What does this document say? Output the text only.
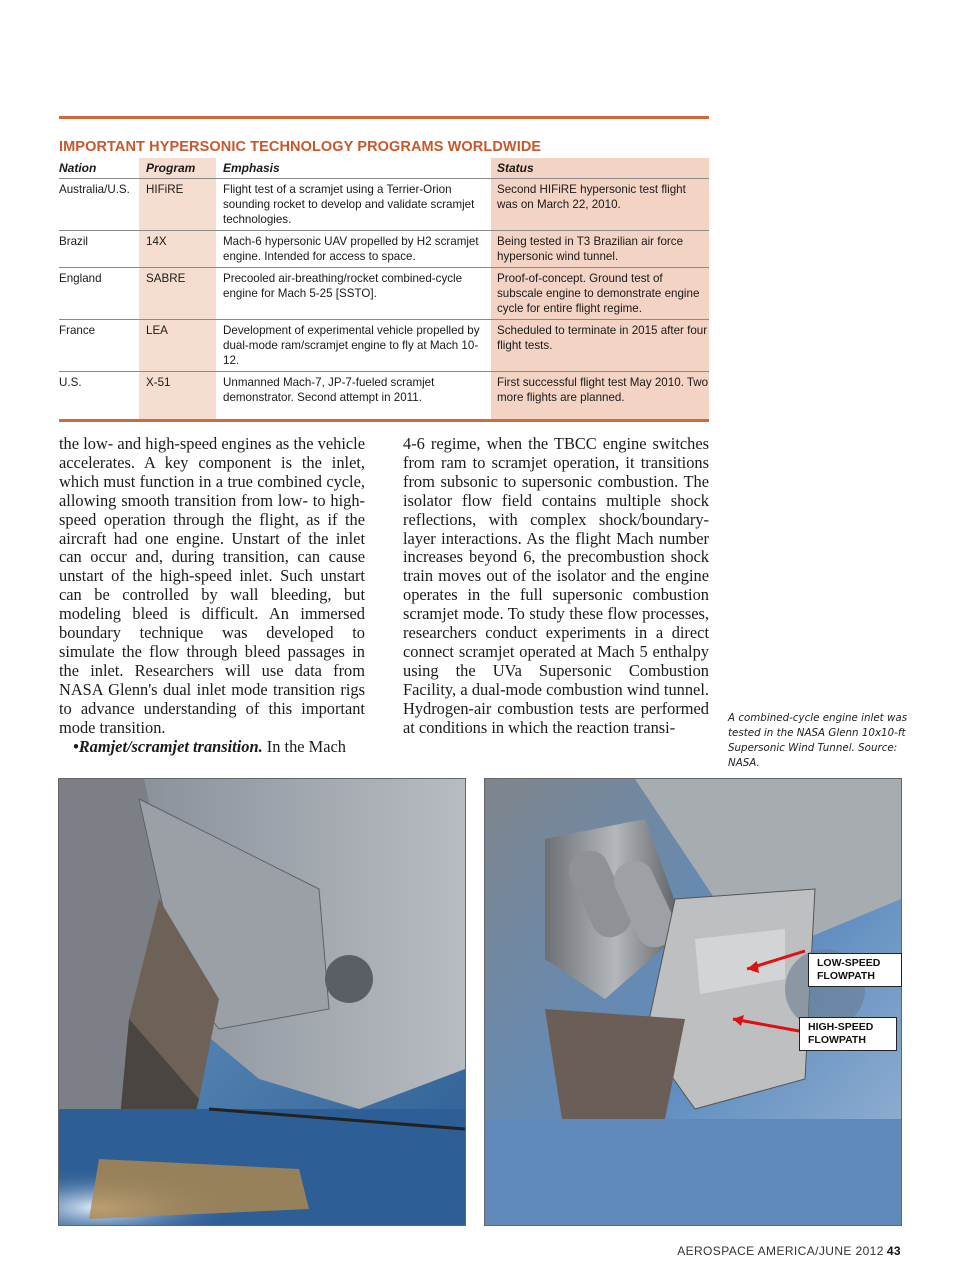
IMPORTANT HYPERSONIC TECHNOLOGY PROGRAMS WORLDWIDE
Nation	Program	Emphasis	Status
Australia/U.S.	HIFiRE	Flight test of a scramjet using a Terrier-Orion sounding rocket to develop and validate scramjet technologies.	Second HIFiRE hypersonic test flight was on March 22, 2010.
Brazil	14X	Mach-6 hypersonic UAV propelled by H2 scramjet engine. Intended for access to space.	Being tested in T3 Brazilian air force hypersonic wind tunnel.
England	SABRE	Precooled air-breathing/rocket combined-cycle engine for Mach 5-25 [SSTO].	Proof-of-concept. Ground test of subscale engine to demonstrate engine cycle for entire flight regime.
France	LEA	Development of experimental vehicle propelled by dual-mode ram/scramjet engine to fly at Mach 10-12.	Scheduled to terminate in 2015 after four flight tests.
U.S.	X-51	Unmanned Mach-7, JP-7-fueled scramjet demonstrator. Second attempt in 2011.	First successful flight test May 2010. Two more flights are planned.

the low- and high-speed engines as the vehicle accelerates. A key component is the inlet, which must function in a true combined cycle, allowing smooth transition from low- to high-speed operation through the flight, as if the aircraft had one engine. Unstart of the inlet can occur and, during transition, can cause unstart of the high-speed inlet. Such unstart can be controlled by wall bleeding, but modeling bleed is difficult. An immersed boundary technique was developed to simulate the flow through bleed passages in the inlet. Researchers will use data from NASA Glenn's dual inlet mode transition rigs to advance understanding of this important mode transition.

•Ramjet/scramjet transition. In the Mach

4-6 regime, when the TBCC engine switches from ram to scramjet operation, it transitions from subsonic to supersonic combustion. The isolator flow field contains multiple shock reflections, with complex shock/boundary-layer interactions. As the flight Mach number increases beyond 6, the precombustion shock train moves out of the isolator and the engine operates in the full supersonic combustion scramjet mode. To study these flow processes, researchers conduct experiments in a direct connect scramjet operated at Mach 5 enthalpy using the UVa Supersonic Combustion Facility, a dual-mode combustion wind tunnel. Hydrogen-air combustion tests are performed at conditions in which the reaction transi-	A combined-cycle engine inlet was tested in the NASA Glenn 10x10-ft Supersonic Wind Tunnel. Source: NASA.
LOW-SPEED FLOWPATH
HIGH-SPEED FLOWPATH
AEROSPACE AMERICA/JUNE 2012 43
